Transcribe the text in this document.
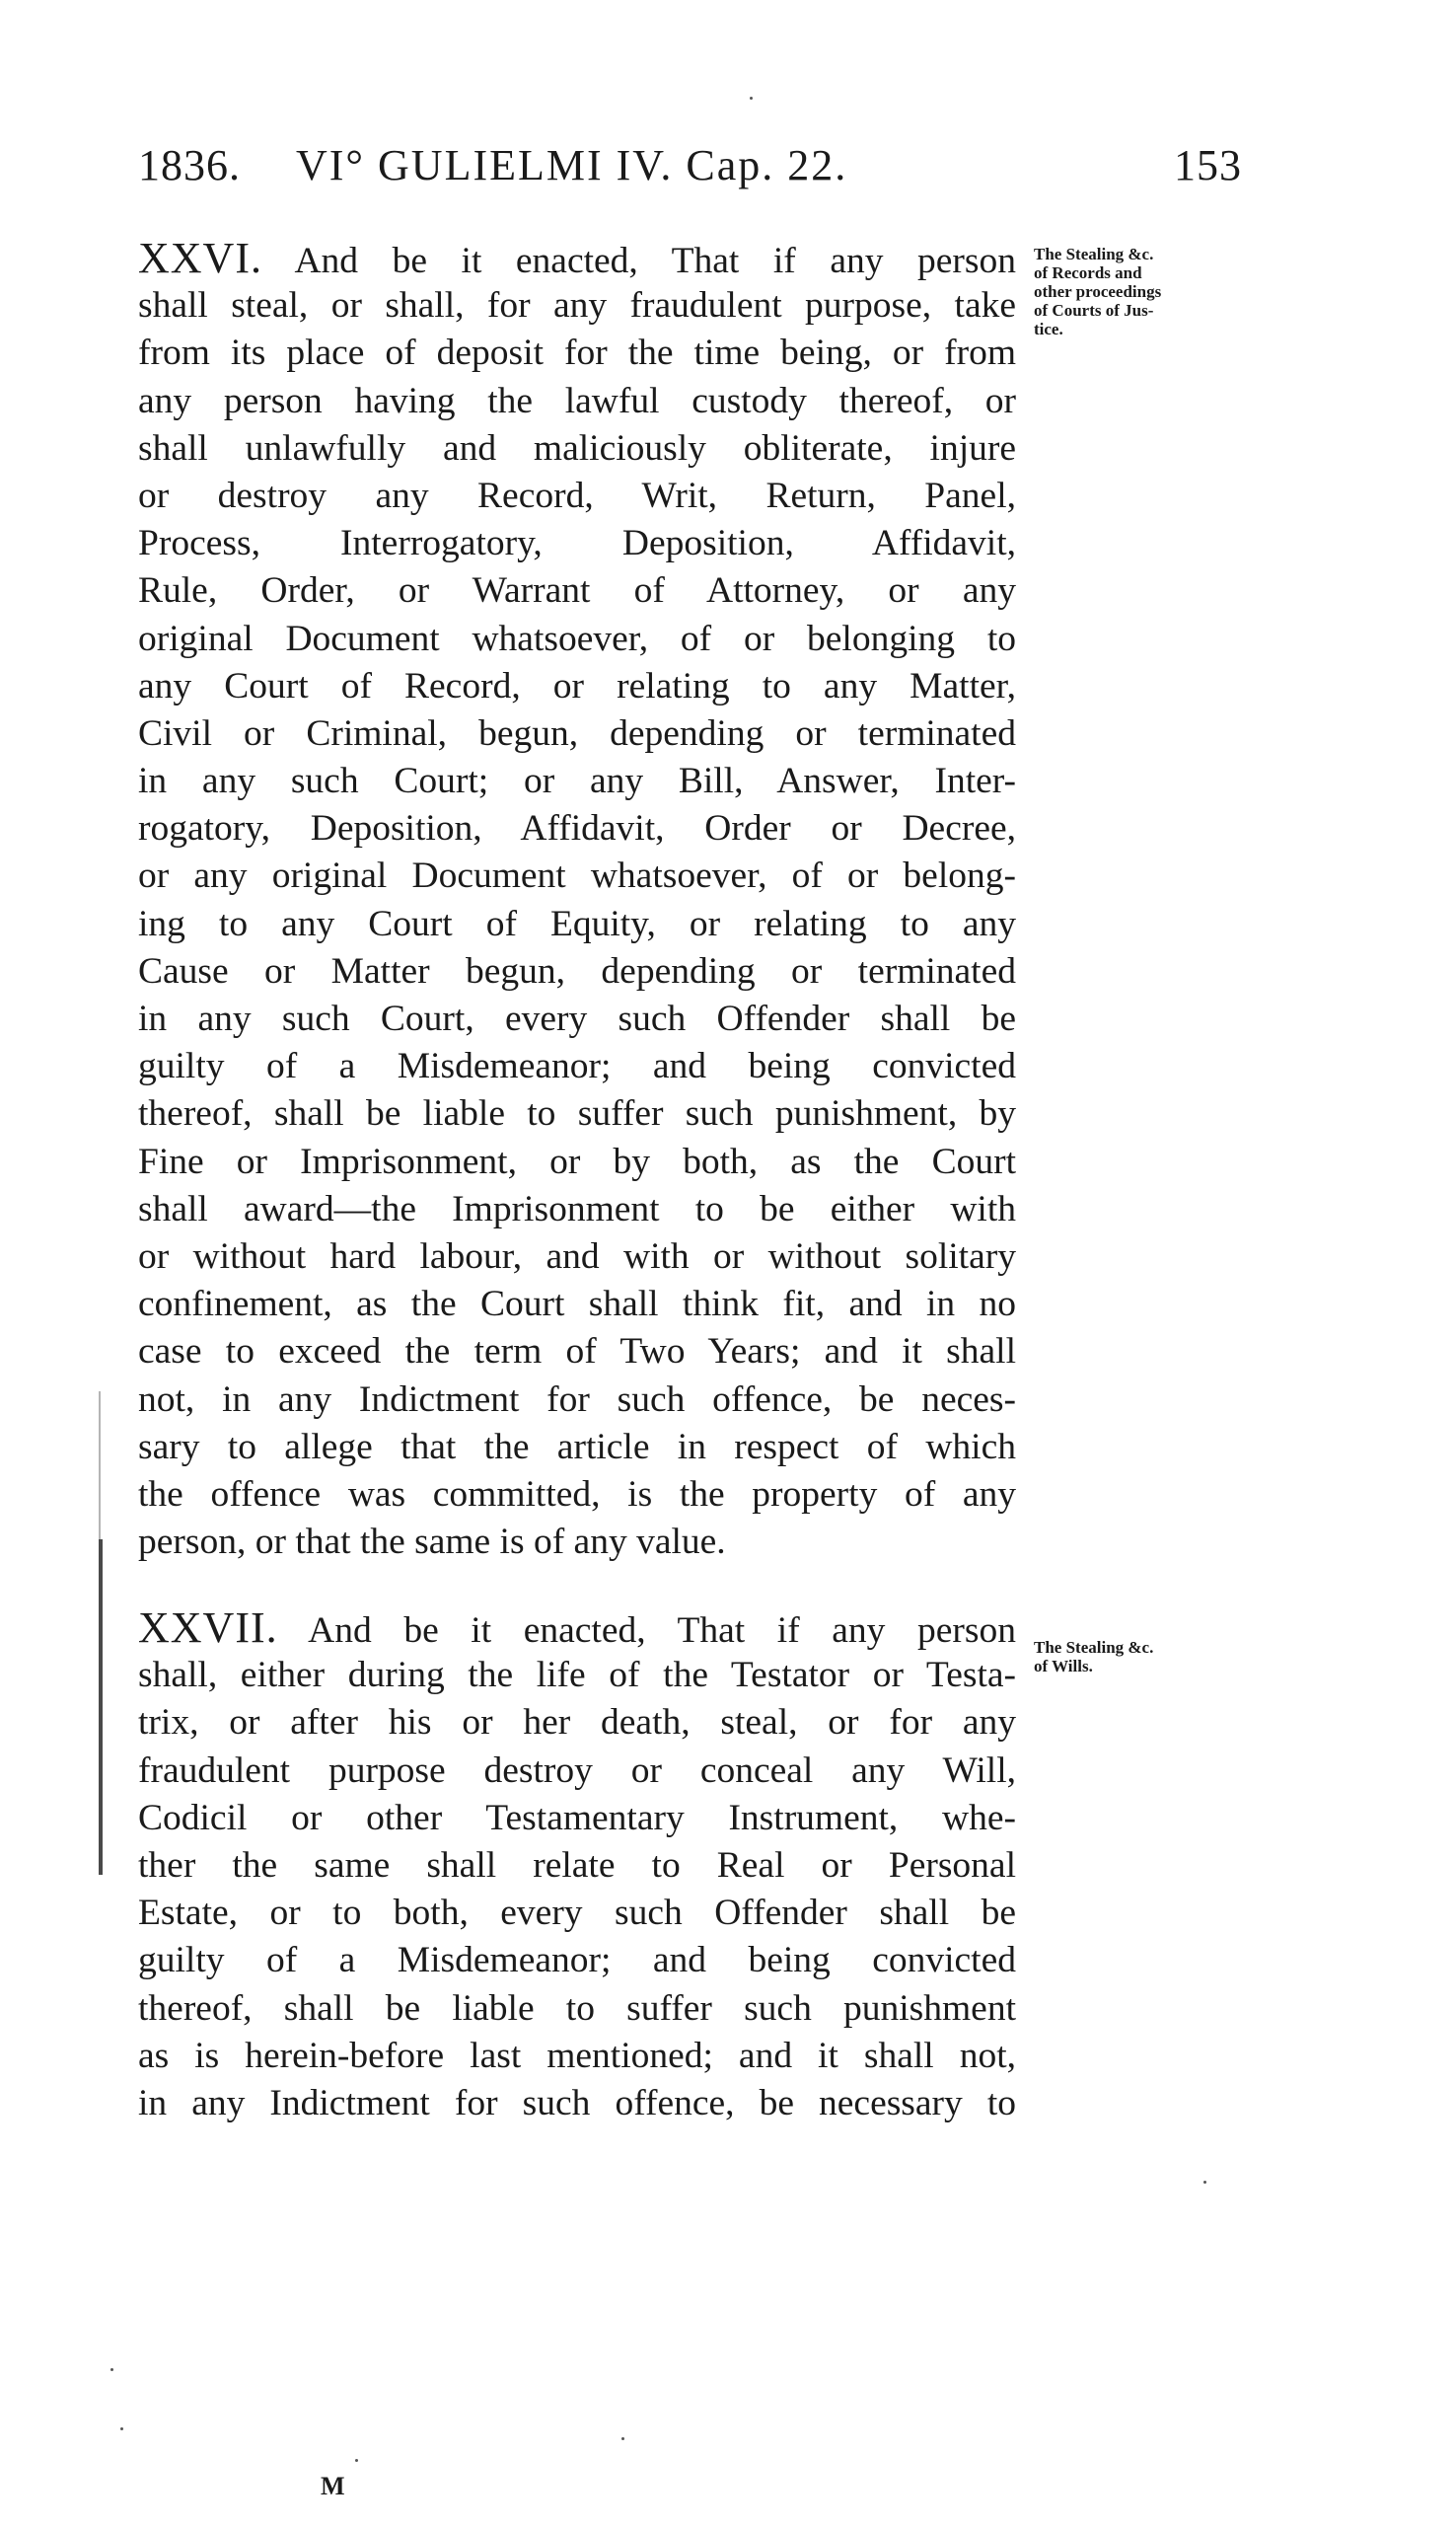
1836. VI° GULIELMI IV. Cap. 22.	153
XXVI. And be it enacted, That if any person
shall steal, or shall, for any fraudulent purpose, take
from its place of deposit for the time being, or from
any person having the lawful custody thereof, or
shall unlawfully and maliciously obliterate, injure
or destroy any Record, Writ, Return, Panel,
Process, Interrogatory, Deposition, Affidavit,
Rule, Order, or Warrant of Attorney, or any
original Document whatsoever, of or belonging to
any Court of Record, or relating to any Matter,
Civil or Criminal, begun, depending or terminated
in any such Court; or any Bill, Answer, Inter-
rogatory, Deposition, Affidavit, Order or Decree,
or any original Document whatsoever, of or belong-
ing to any Court of Equity, or relating to any
Cause or Matter begun, depending or terminated
in any such Court, every such Offender shall be
guilty of a Misdemeanor; and being convicted
thereof, shall be liable to suffer such punishment, by
Fine or Imprisonment, or by both, as the Court
shall award—the Imprisonment to be either with
or without hard labour, and with or without solitary
confinement, as the Court shall think fit, and in no
case to exceed the term of Two Years; and it shall
not, in any Indictment for such offence, be neces-
sary to allege that the article in respect of which
the offence was committed, is the property of any
person, or that the same is of any value.
The Stealing &c.
of Records and
other proceedings
of Courts of Jus-
tice.
XXVII. And be it enacted, That if any person
shall, either during the life of the Testator or Testa-
trix, or after his or her death, steal, or for any
fraudulent purpose destroy or conceal any Will,
Codicil or other Testamentary Instrument, whe-
ther the same shall relate to Real or Personal
Estate, or to both, every such Offender shall be
guilty of a Misdemeanor; and being convicted
thereof, shall be liable to suffer such punishment
as is herein-before last mentioned; and it shall not,
in any Indictment for such offence, be necessary to
The Stealing &c.
of Wills.
M
